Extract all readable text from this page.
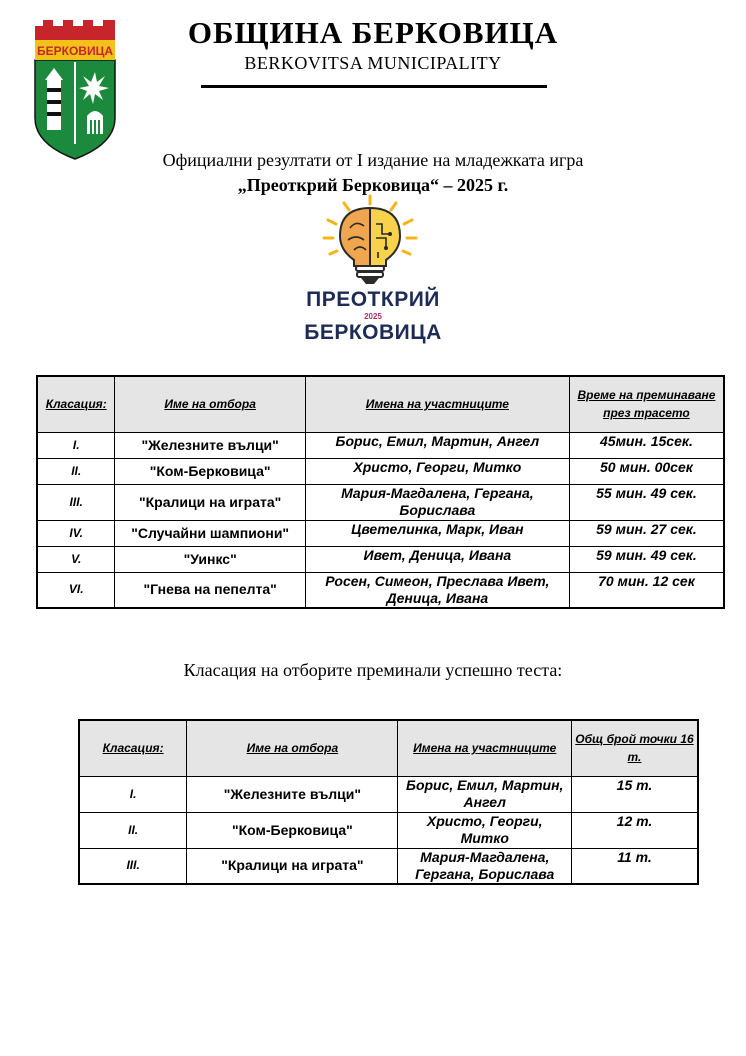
БЕРКОВИЦА
ОБЩИНА БЕРКОВИЦА
BERKOVITSA MUNICIPALITY
Официални резултати от I издание на младежката игра
„Преоткрий Берковица“ – 2025 г.
ПРЕОТКРИЙ
2025
БЕРКОВИЦА
Класация:	Име на отбора	Имена на участниците	Време на преминаване през трасето
I.	"Железните вълци"	Борис, Емил, Мартин, Ангел	45мин. 15сек.
II.	"Ком-Берковица"	Христо, Георги, Митко	50 мин. 00сек
III.	"Кралици на играта"	Мария-Магдалена, Гергана, Борислава	55 мин. 49 сек.
IV.	"Случайни шампиони"	Цветелинка, Марк, Иван	59 мин. 27 сек.
V.	"Уинкс"	Ивет, Деница, Ивана	59 мин. 49 сек.
VI.	"Гнева на пепелта"	Росен, Симеон, Преслава Ивет, Деница, Ивана	70 мин. 12 сек
Класация на отборите преминали успешно теста:
Класация:	Име на отбора	Имена на участниците	Общ брой точки 16 т.
I.	"Железните вълци"	Борис, Емил, Мартин, Ангел	15 т.
II.	"Ком-Берковица"	Христо, Георги, Митко	12 т.
III.	"Кралици на играта"	Мария-Магдалена, Гергана, Борислава	11 т.
